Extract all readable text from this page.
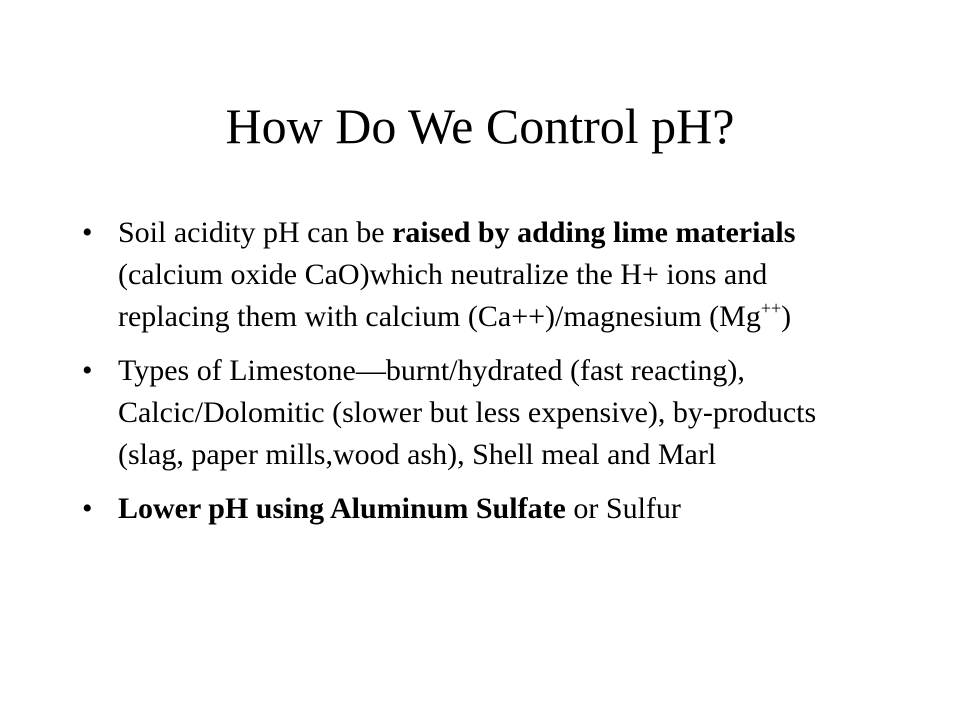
How Do We Control pH?
• Soil acidity pH can be raised by adding lime materials (calcium oxide CaO)which neutralize the H+ ions and replacing them with calcium (Ca++)/magnesium (Mg++)
• Types of Limestone—burnt/hydrated (fast reacting), Calcic/Dolomitic (slower but less expensive), by-products (slag, paper mills,wood ash), Shell meal and Marl
• Lower pH using Aluminum Sulfate or Sulfur
